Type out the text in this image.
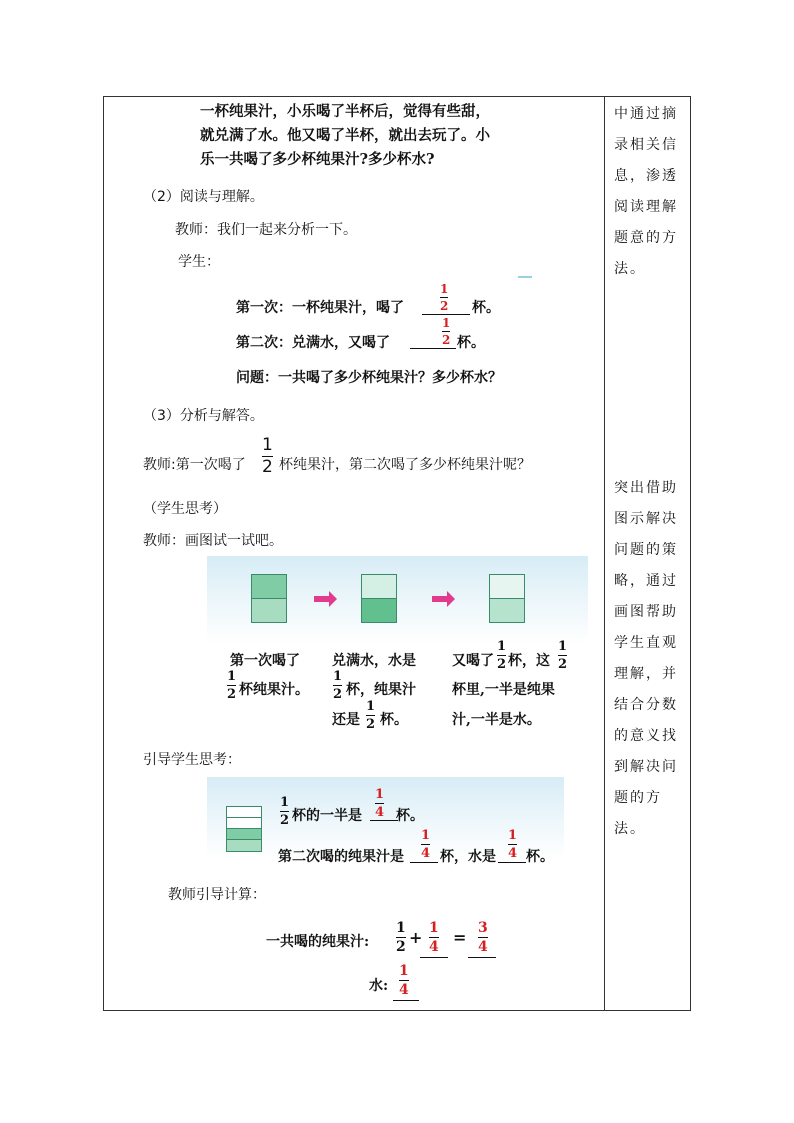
一杯纯果汁，小乐喝了半杯后，觉得有些甜，
就兑满了水。他又喝了半杯，就出去玩了。小
乐一共喝了多少杯纯果汁?多少杯水?
（2）阅读与理解。
教师：我们一起来分析一下。
学生：
第一次：一杯纯果汁，喝了
1
2 杯。
第二次：兑满水，又喝了
1
2 杯。
问题：一共喝了多少杯纯果汁？多少杯水？
（3）分析与解答。
教师:第一次喝了
1
2 杯纯果汁，第二次喝了多少杯纯果汁呢？
（学生思考）
教师：画图试一试吧。
第一次喝了
1
2 杯纯果汁。
兑满水，水是
1
2 杯，纯果汁
还是
1
2 杯。
又喝了
1
2 杯，这
1
2
杯里,一半是纯果
汁,一半是水。
引导学生思考：
1
2 杯的一半是
1
4 杯。
第二次喝的纯果汁是
1
4 杯，水是
1
4 杯。
教师引导计算：
一共喝的纯果汁:
1
2 + 1
4 = 3
4
水:
1
4
中通过摘录相关信息，渗透阅读理解题意的方法。
突出借助图示解决问题的策略，通过画图帮助学生直观理解，并结合分数的意义找到解决问题的方法。
